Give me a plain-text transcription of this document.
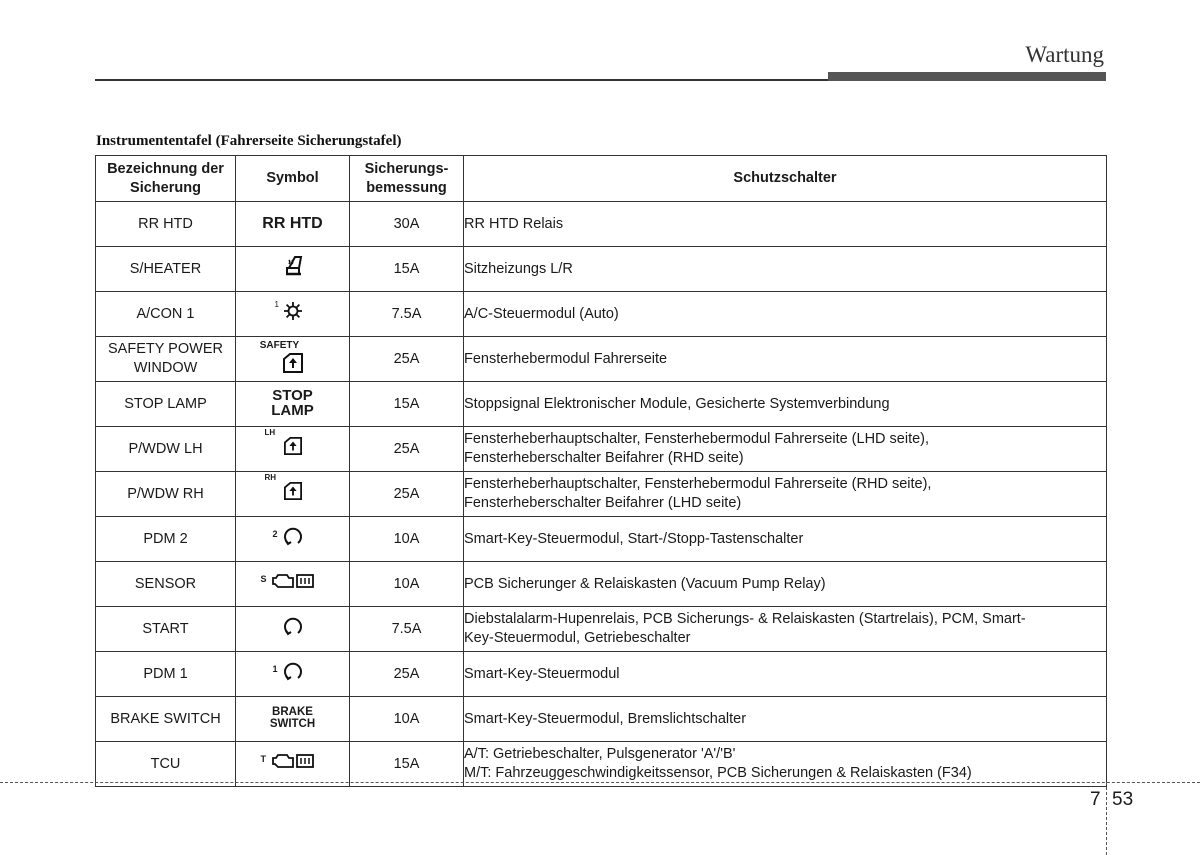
Wartung
Instrumententafel (Fahrerseite Sicherungstafel)
Bezeichnung der Sicherung	Symbol	Sicherungs-bemessung	Schutzschalter
RR HTD	RR HTD	30A	RR HTD Relais
S/HEATER		15A	Sitzheizungs L/R
A/CON 1	1	7.5A	A/C-Steuermodul (Auto)
SAFETY POWER WINDOW	SAFETY	25A	Fensterhebermodul Fahrerseite
STOP LAMP	STOP LAMP	15A	Stoppsignal Elektronischer Module, Gesicherte Systemverbindung
P/WDW LH	LH	25A	Fensterheberhauptschalter, Fensterhebermodul Fahrerseite (LHD seite),
Fensterheberschalter Beifahrer (RHD seite)

P/WDW RH	RH	25A	Fensterheberhauptschalter, Fensterhebermodul Fahrerseite (RHD seite),
Fensterheberschalter Beifahrer (LHD seite)

PDM 2	2	10A	Smart-Key-Steuermodul, Start-/Stopp-Tastenschalter
SENSOR	S	10A	PCB Sicherunger & Relaiskasten (Vacuum Pump Relay)
START		7.5A	Diebstalalarm-Hupenrelais, PCB Sicherungs- & Relaiskasten (Startrelais), PCM, Smart-
Key-Steuermodul, Getriebeschalter

PDM 1	1	25A	Smart-Key-Steuermodul
BRAKE SWITCH	BRAKE SWITCH	10A	Smart-Key-Steuermodul, Bremslichtschalter
TCU	T	15A	A/T: Getriebeschalter, Pulsgenerator 'A'/'B'
M/T: Fahrzeuggeschwindigkeitssensor, PCB Sicherungen & Relaiskasten (F34)
7 53
